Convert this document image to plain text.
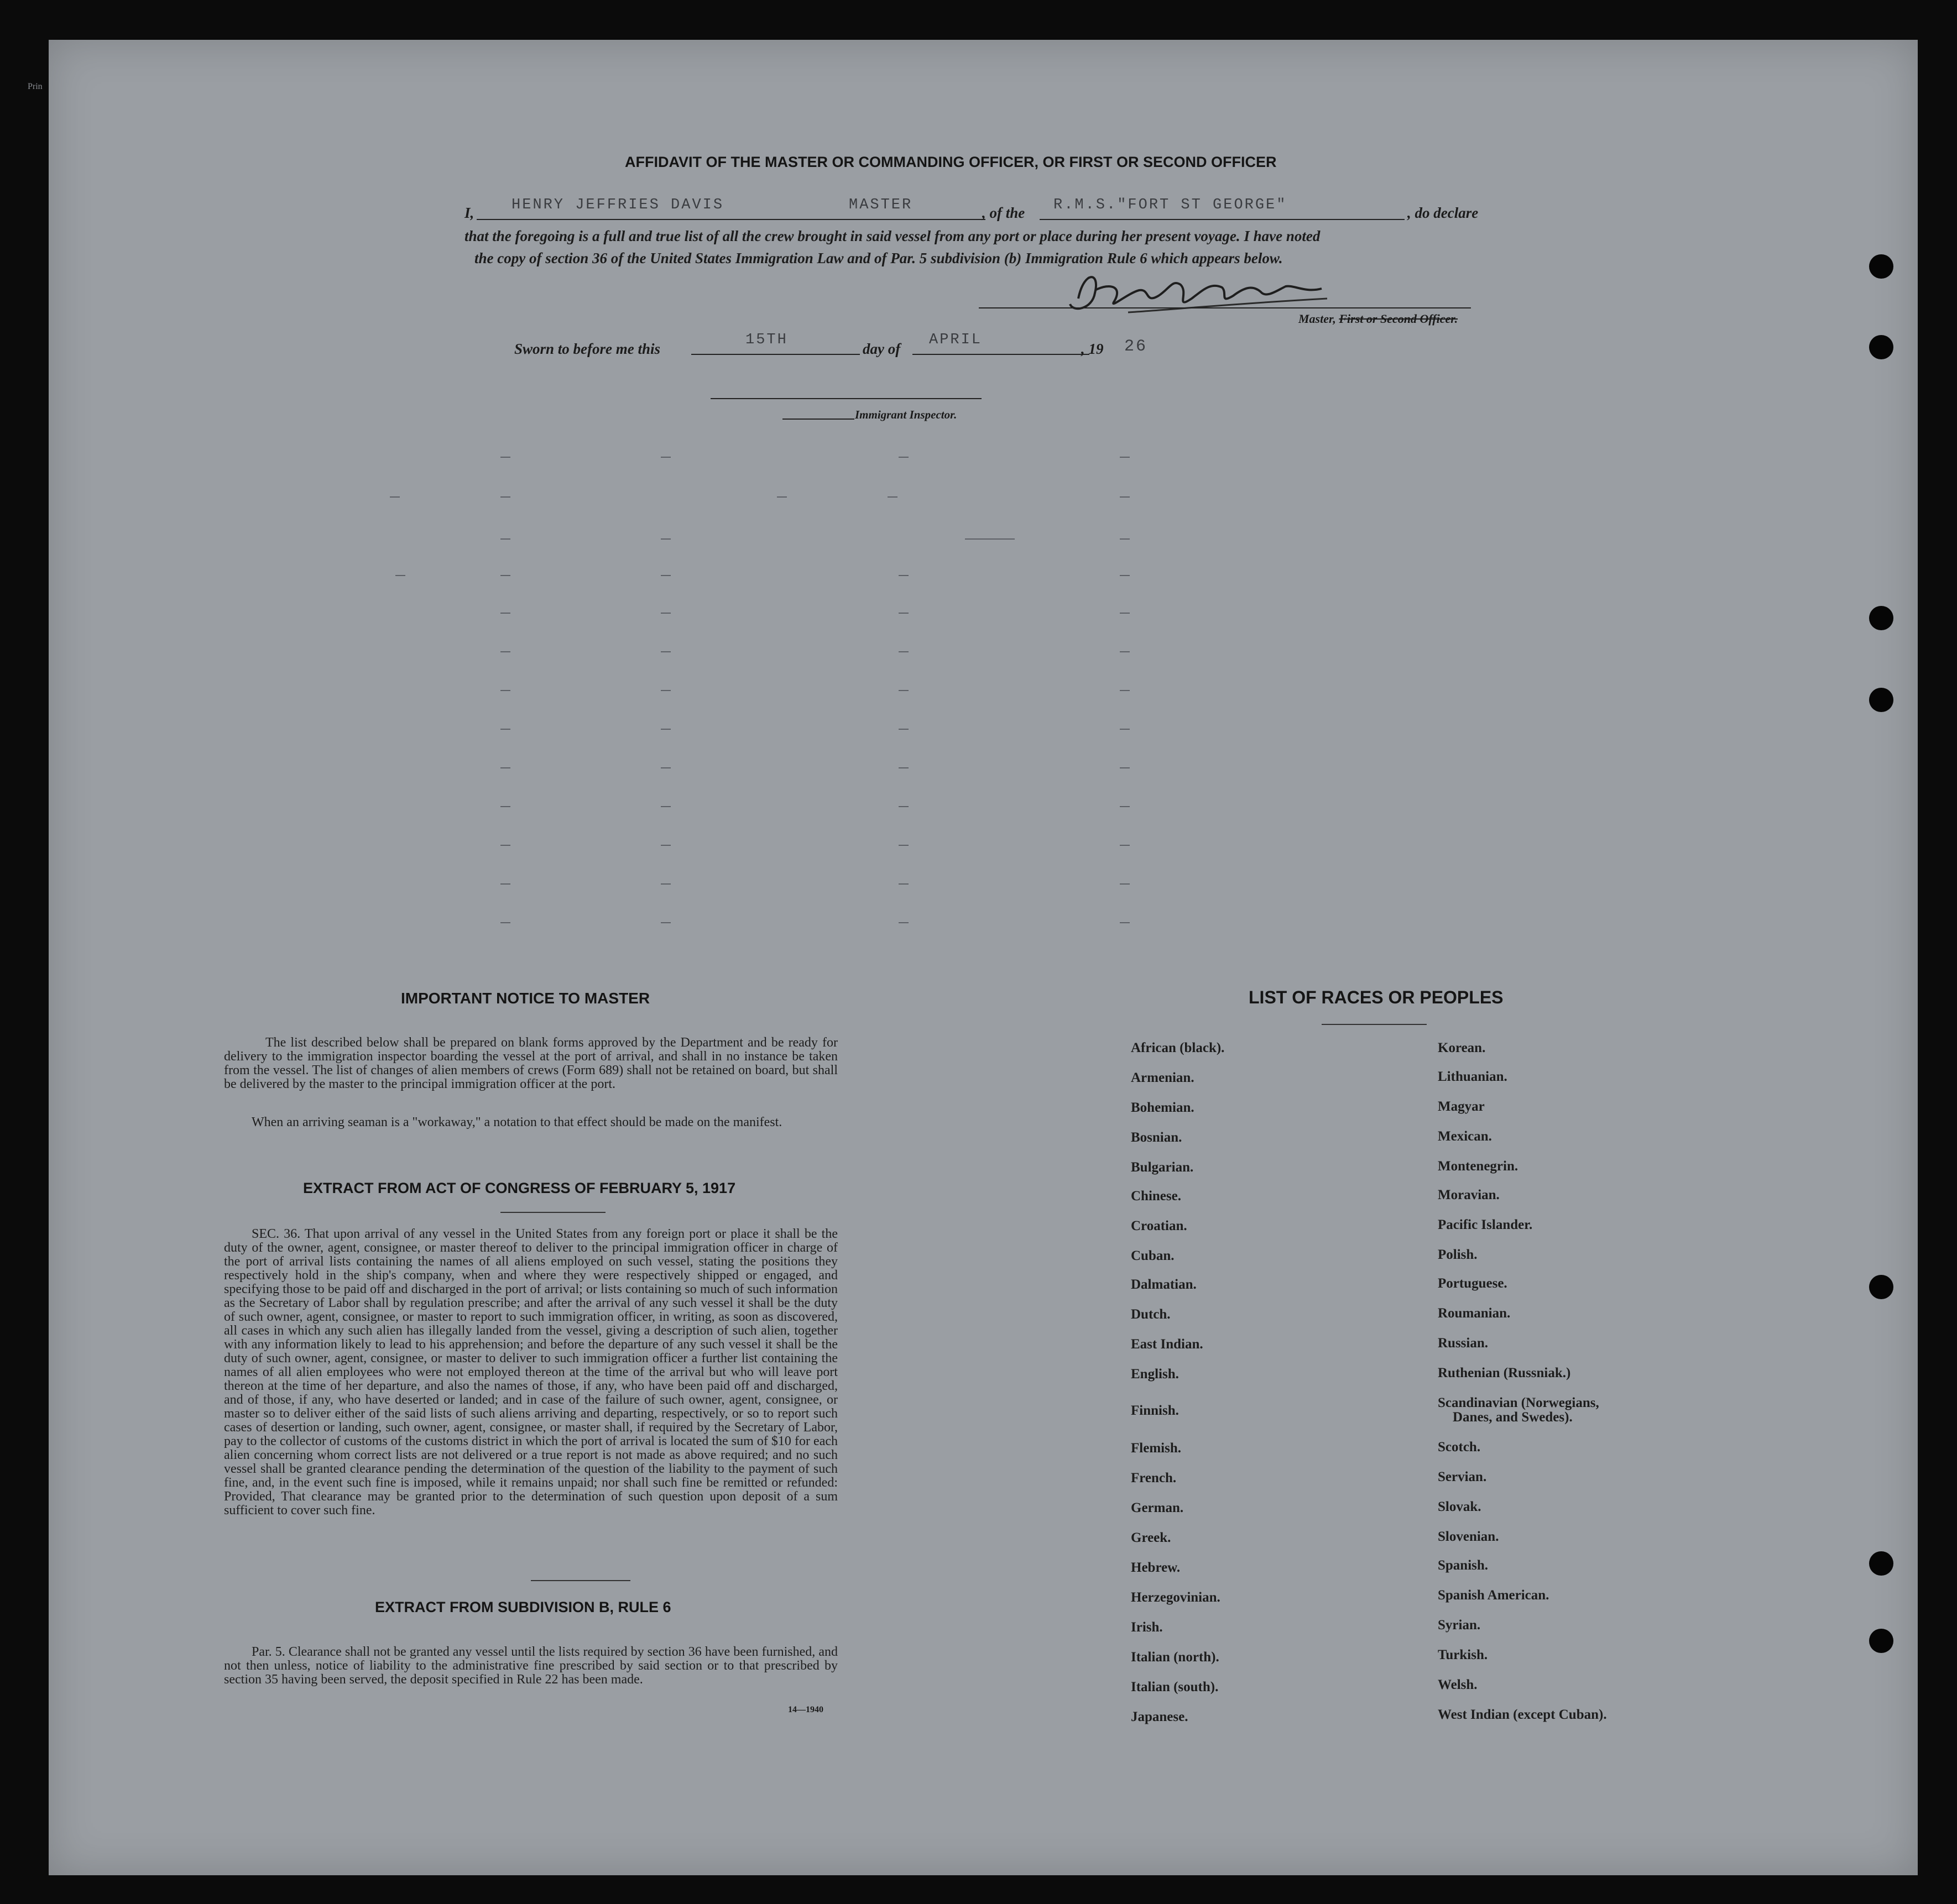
Prin
AFFIDAVIT OF THE MASTER OR COMMANDING OFFICER, OR FIRST OR SECOND OFFICER
I,	HENRY JEFFRIES DAVIS	MASTER	, of the R.M.S."FORT ST GEORGE"	, do declare
that the foregoing is a full and true list of all the crew brought in said vessel from any port or place during her present voyage. I have noted
the copy of section 36 of the United States Immigration Law and of Par. 5 subdivision (b) Immigration Rule 6 which appears below.
Master, First or Second Officer.
Sworn to before me this
15TH
day of
APRIL
, 19 26
Immigrant Inspector.
IMPORTANT NOTICE TO MASTER
The list described below shall be prepared on blank forms approved by the Department and be ready for delivery to the immigration inspector boarding the vessel at the port of arrival, and shall in no instance be taken from the vessel. The list of changes of alien members of crews (Form 689) shall not be retained on board, but shall be delivered by the master to the principal immigration officer at the port.
When an arriving seaman is a "workaway," a notation to that effect should be made on the manifest.
EXTRACT FROM ACT OF CONGRESS OF FEBRUARY 5, 1917
SEC. 36. That upon arrival of any vessel in the United States from any foreign port or place it shall be the duty of the owner, agent, consignee, or master thereof to deliver to the principal immigration officer in charge of the port of arrival lists containing the names of all aliens employed on such vessel, stating the positions they respectively hold in the ship's company, when and where they were respectively shipped or engaged, and specifying those to be paid off and discharged in the port of arrival; or lists containing so much of such information as the Secretary of Labor shall by regulation prescribe; and after the arrival of any such vessel it shall be the duty of such owner, agent, consignee, or master to report to such immigration officer, in writing, as soon as discovered, all cases in which any such alien has illegally landed from the vessel, giving a description of such alien, together with any information likely to lead to his apprehension; and before the departure of any such vessel it shall be the duty of such owner, agent, consignee, or master to deliver to such immigration officer a further list containing the names of all alien employees who were not employed thereon at the time of the arrival but who will leave port thereon at the time of her departure, and also the names of those, if any, who have been paid off and discharged, and of those, if any, who have deserted or landed; and in case of the failure of such owner, agent, consignee, or master so to deliver either of the said lists of such aliens arriving and departing, respectively, or so to report such cases of desertion or landing, such owner, agent, consignee, or master shall, if required by the Secretary of Labor, pay to the collector of customs of the customs district in which the port of arrival is located the sum of $10 for each alien concerning whom correct lists are not delivered or a true report is not made as above required; and no such vessel shall be granted clearance pending the determination of the question of the liability to the payment of such fine, and, in the event such fine is imposed, while it remains unpaid; nor shall such fine be remitted or refunded: Provided, That clearance may be granted prior to the determination of such question upon deposit of a sum sufficient to cover such fine.
EXTRACT FROM SUBDIVISION B, RULE 6
Par. 5. Clearance shall not be granted any vessel until the lists required by section 36 have been furnished, and not then unless, notice of liability to the administrative fine prescribed by said section or to that prescribed by section 35 having been served, the deposit specified in Rule 22 has been made.
14—1940
LIST OF RACES OR PEOPLES
African (black).
Armenian.
Bohemian.
Bosnian.
Bulgarian.
Chinese.
Croatian.
Cuban.
Dalmatian.
Dutch.
East Indian.
English.
Finnish.
Flemish.
French.
German.
Greek.
Hebrew.
Herzegovinian.
Irish.
Italian (north).
Italian (south).
Japanese.
Korean.
Lithuanian.
Magyar
Mexican.
Montenegrin.
Moravian.
Pacific Islander.
Polish.
Portuguese.
Roumanian.
Russian.
Ruthenian (Russniak.)
Scandinavian (Norwegians,
Danes, and Swedes).
Scotch.
Servian.
Slovak.
Slovenian.
Spanish.
Spanish American.
Syrian.
Turkish.
Welsh.
West Indian (except Cuban).
